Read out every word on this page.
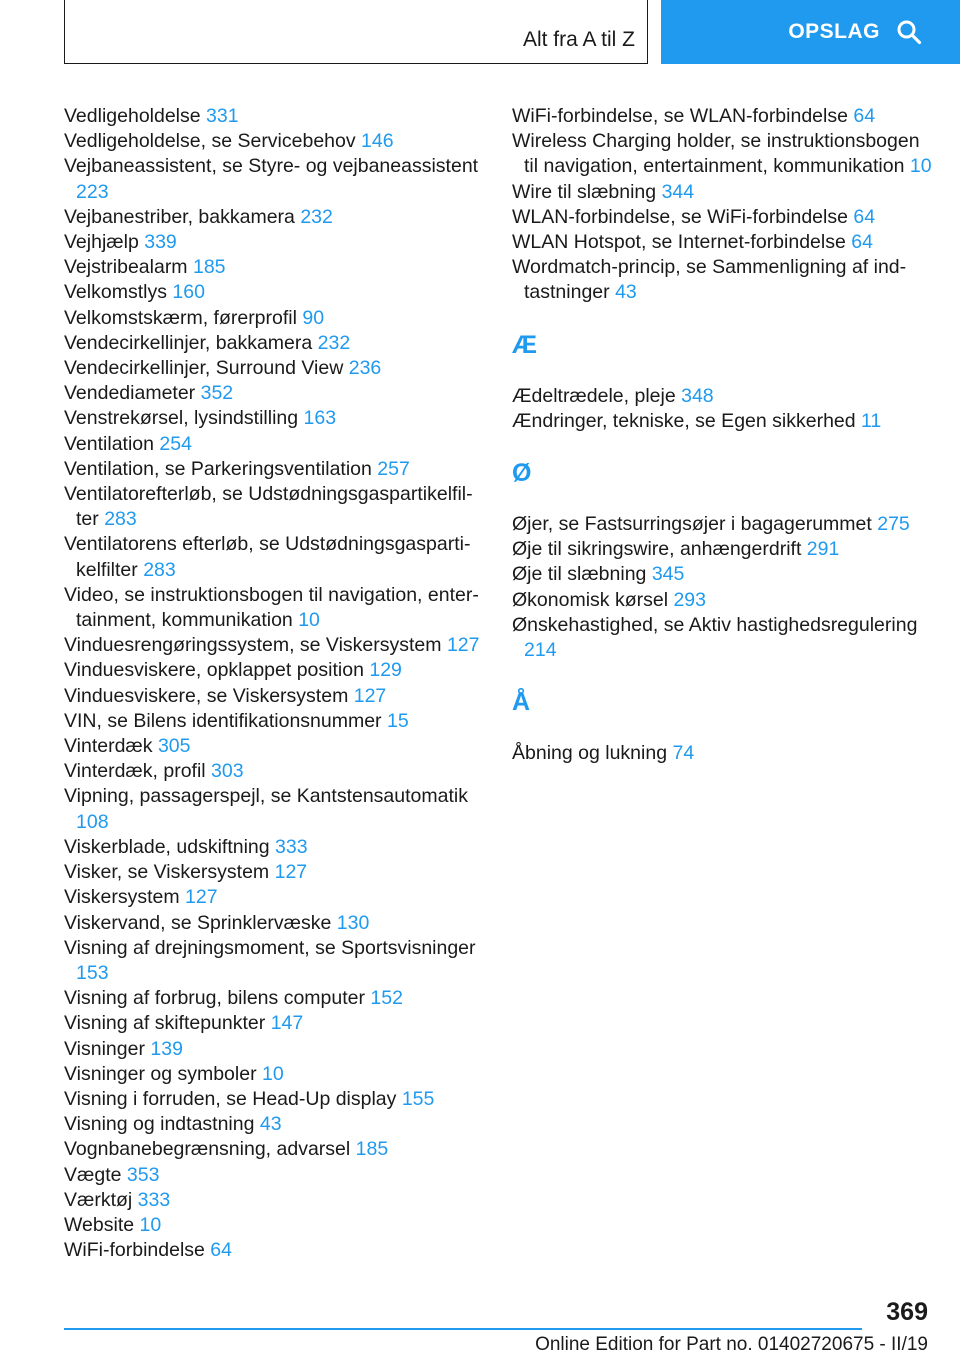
Alt fra A til Z	OPSLAG
Vedligeholdelse 331
Vedligeholdelse, se Servicebehov 146
Vejbaneassistent, se Styre- og vejbaneassistent 223
Vejbanestriber, bakkamera 232
Vejhjælp 339
Vejstribealarm 185
Velkomstlys 160
Velkomstskærm, førerprofil 90
Vendecirkellinjer, bakkamera 232
Vendecirkellinjer, Surround View 236
Vendediameter 352
Venstrekørsel, lysindstilling 163
Ventilation 254
Ventilation, se Parkeringsventilation 257
Ventilatorefterløb, se Udstødningsgaspartikelfilter 283
Ventilatorens efterløb, se Udstødningsgaspartikelfilter 283
Video, se instruktionsbogen til navigation, entertainment, kommunikation 10
Vinduesrengøringssystem, se Viskersystem 127
Vinduesviskere, opklappet position 129
Vinduesviskere, se Viskersystem 127
VIN, se Bilens identifikationsnummer 15
Vinterdæk 305
Vinterdæk, profil 303
Vipning, passagerspejl, se Kantstensautomatik 108
Viskerblade, udskiftning 333
Visker, se Viskersystem 127
Viskersystem 127
Viskervand, se Sprinklervæske 130
Visning af drejningsmoment, se Sportsvisninger 153
Visning af forbrug, bilens computer 152
Visning af skiftepunkter 147
Visninger 139
Visninger og symboler 10
Visning i forruden, se Head-Up display 155
Visning og indtastning 43
Vognbanebegrænsning, advarsel 185
Vægte 353
Værktøj 333
Website 10
WiFi-forbindelse 64
WiFi-forbindelse, se WLAN-forbindelse 64
Wireless Charging holder, se instruktionsbogen til navigation, entertainment, kommunikation 10
Wire til slæbning 344
WLAN-forbindelse, se WiFi-forbindelse 64
WLAN Hotspot, se Internet-forbindelse 64
Wordmatch-princip, se Sammenligning af indtastninger 43
Æ
Ædeltrædele, pleje 348
Ændringer, tekniske, se Egen sikkerhed 11
Ø
Øjer, se Fastsurringsøjer i bagagerummet 275
Øje til sikringswire, anhængerdrift 291
Øje til slæbning 345
Økonomisk kørsel 293
Ønskehastighed, se Aktiv hastighedsregulering 214
Å
Åbning og lukning 74
369
Online Edition for Part no. 01402720675 - II/19
